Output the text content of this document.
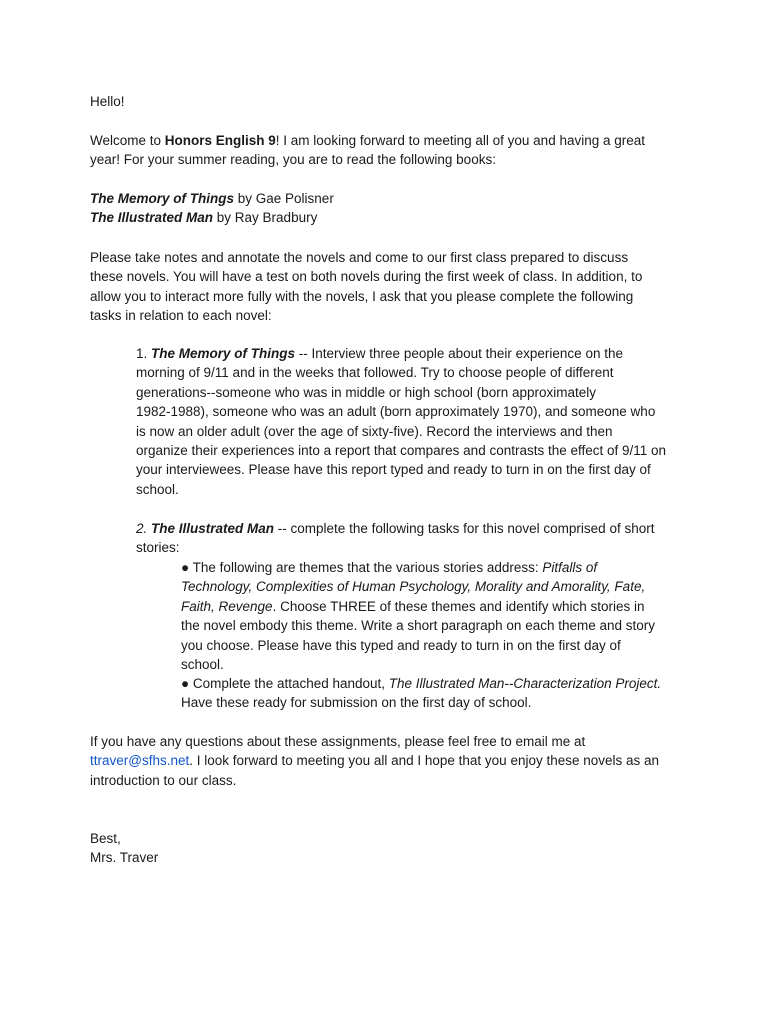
Hello!

Welcome to Honors English 9! I am looking forward to meeting all of you and having a great
year! For your summer reading, you are to read the following books:

The Memory of Things by Gae Polisner
The Illustrated Man by Ray Bradbury

Please take notes and annotate the novels and come to our first class prepared to discuss
these novels. You will have a test on both novels during the first week of class. In addition, to
allow you to interact more fully with the novels, I ask that you please complete the following
tasks in relation to each novel:

1. The Memory of Things -- Interview three people about their experience on the
morning of 9/11 and in the weeks that followed. Try to choose people of different
generations--someone who was in middle or high school (born approximately
1982-1988), someone who was an adult (born approximately 1970), and someone who
is now an older adult (over the age of sixty-five). Record the interviews and then
organize their experiences into a report that compares and contrasts the effect of 9/11 on
your interviewees. Please have this report typed and ready to turn in on the first day of
school.

2. The Illustrated Man -- complete the following tasks for this novel comprised of short
stories:

● The following are themes that the various stories address: Pitfalls of
Technology, Complexities of Human Psychology, Morality and Amorality, Fate,
Faith, Revenge. Choose THREE of these themes and identify which stories in
the novel embody this theme. Write a short paragraph on each theme and story
you choose. Please have this typed and ready to turn in on the first day of
school.

● Complete the attached handout, The Illustrated Man--Characterization Project.
Have these ready for submission on the first day of school.

If you have any questions about these assignments, please feel free to email me at
ttraver@sfhs.net. I look forward to meeting you all and I hope that you enjoy these novels as an
introduction to our class.

Best,
Mrs. Traver
